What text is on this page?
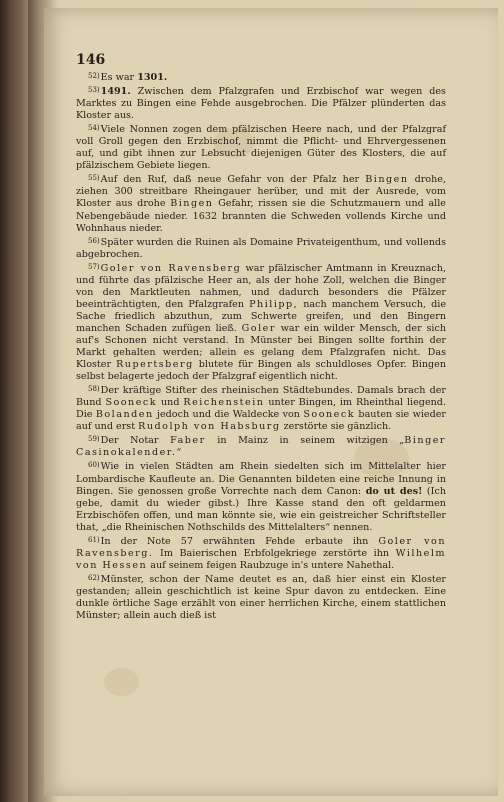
146

$^{52)}$Es war 1301.

$^{53)}$1491. Zwischen dem Pfalzgrafen und Erzbischof war wegen des Marktes zu Bingen eine Fehde ausgebrochen. Die Pfälzer plünderten das Kloster aus.

$^{54)}$Viele Nonnen zogen dem pfälzischen Heere nach, und der Pfalzgraf voll Groll gegen den Erzbischof, nimmt die Pflicht- und Ehrvergessenen auf, und gibt ihnen zur Lebsucht diejenigen Güter des Klosters, die auf pfälzischem Gebiete liegen.

$^{55)}$Auf den Ruf, daß neue Gefahr von der Pfalz her Bingen drohe, ziehen 300 streitbare Rheingauer herüber, und mit der Ausrede, vom Kloster aus drohe Bingen Gefahr, rissen sie die Schutzmauern und alle Nebengebäude nieder. 1632 brannten die Schweden vollends Kirche und Wohnhaus nieder.

$^{56)}$Später wurden die Ruinen als Domaine Privateigenthum, und vollends abgebrochen.

$^{57)}$Goler von Ravensberg war pfälzischer Amtmann in Kreuznach, und führte das pfälzische Heer an, als der hohe Zoll, welchen die Binger von den Marktleuten nahmen, und dadurch besonders die Pfälzer beeinträchtigten, den Pfalzgrafen Philipp, nach manchem Versuch, die Sache friedlich abzuthun, zum Schwerte greifen, und den Bingern manchen Schaden zufügen ließ. Goler war ein wilder Mensch, der sich auf's Schonen nicht verstand. In Münster bei Bingen sollte forthin der Markt gehalten werden; allein es gelang dem Pfalzgrafen nicht. Das Kloster Rupertsberg blutete für Bingen als schuldloses Opfer. Bingen selbst belagerte jedoch der Pfalzgraf eigentlich nicht.

$^{58)}$Der kräftige Stifter des rheinischen Städtebundes. Damals brach der Bund Sooneck und Reichenstein unter Bingen, im Rheinthal liegend. Die Bolanden jedoch und die Waldecke von Sooneck bauten sie wieder auf und erst Rudolph von Habsburg zerstörte sie gänzlich.

$^{59)}$Der Notar Faber in Mainz in seinem witzigen „Binger Casinokalender.“

$^{60)}$Wie in vielen Städten am Rhein siedelten sich im Mittelalter hier Lombardische Kaufleute an. Die Genannten bildeten eine reiche Innung in Bingen. Sie genossen große Vorrechte nach dem Canon: do ut des! (Ich gebe, damit du wieder gibst.) Ihre Kasse stand den oft geldarmen Erzbischöfen offen, und man könnte sie, wie ein geistreicher Schriftsteller that, „die Rheinischen Nothschilds des Mittelalters“ nennen.

$^{61)}$In der Note 57 erwähnten Fehde erbaute ihn Goler von Ravensberg. Im Baierischen Erbfolgekriege zerstörte ihn Wilhelm von Hessen auf seinem feigen Raubzuge in's untere Nahethal.

$^{62)}$Münster, schon der Name deutet es an, daß hier einst ein Kloster gestanden; allein geschichtlich ist keine Spur davon zu entdecken. Eine dunkle örtliche Sage erzählt von einer herrlichen Kirche, einem stattlichen Münster; allein auch dieß ist
